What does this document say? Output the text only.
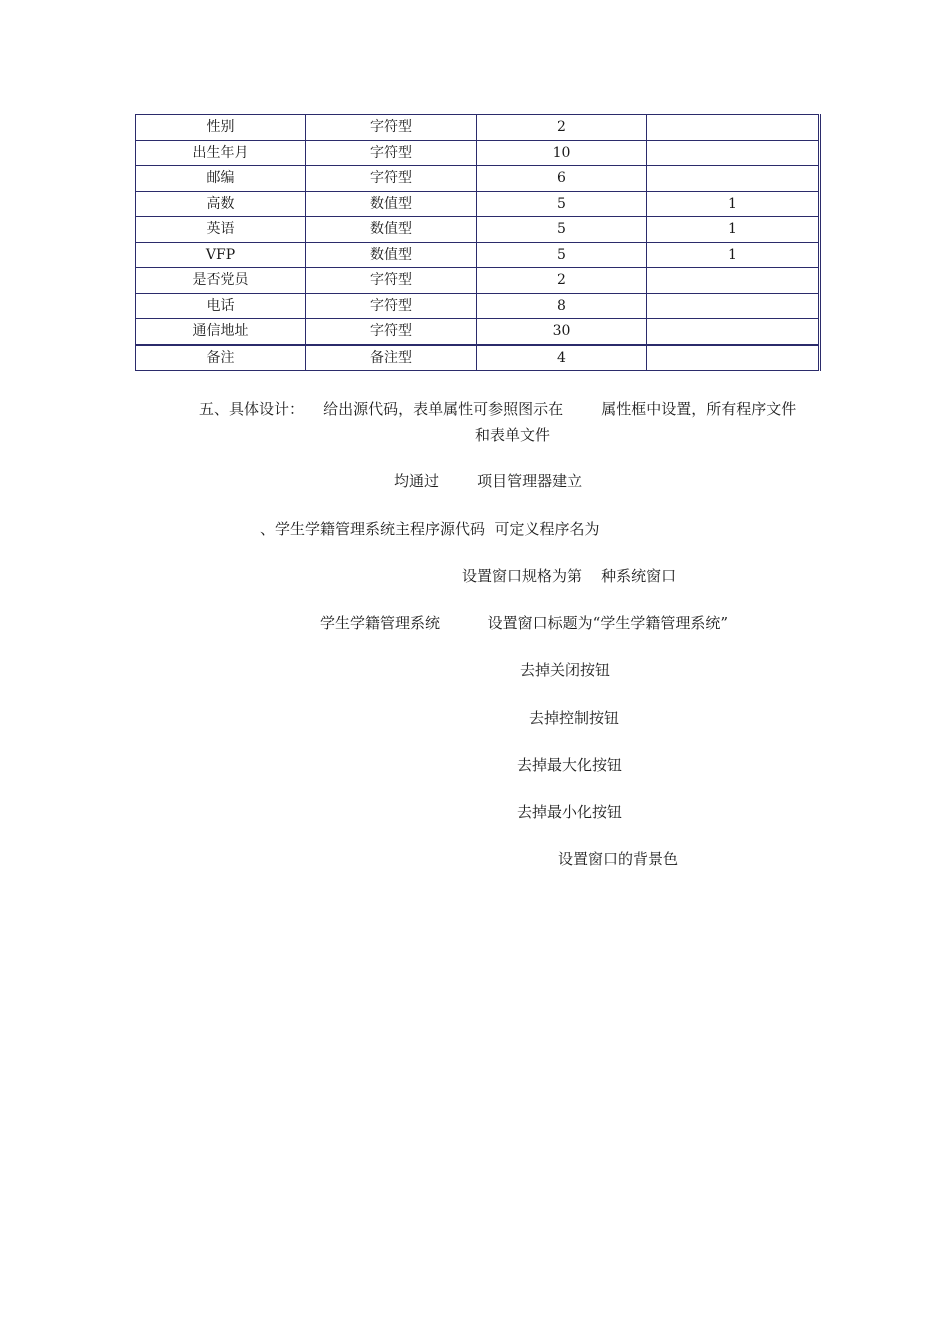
性别	字符型	2	
出生年月	字符型	10	
邮编	字符型	6	
高数	数值型	5	1
英语	数值型	5	1
VFP	数值型	5	1
是否党员	字符型	2	
电话	字符型	8	
通信地址	字符型	30	
备注	备注型	4	
五、具体设计：    给出源代码，表单属性可参照图示在        属性框中设置，所有程序文件
和表单文件
均通过        项目管理器建立
、学生学籍管理系统主程序源代码  可定义程序名为
设置窗口规格为第    种系统窗口
学生学籍管理系统          设置窗口标题为“学生学籍管理系统”
去掉关闭按钮
去掉控制按钮
去掉最大化按钮
去掉最小化按钮
设置窗口的背景色
